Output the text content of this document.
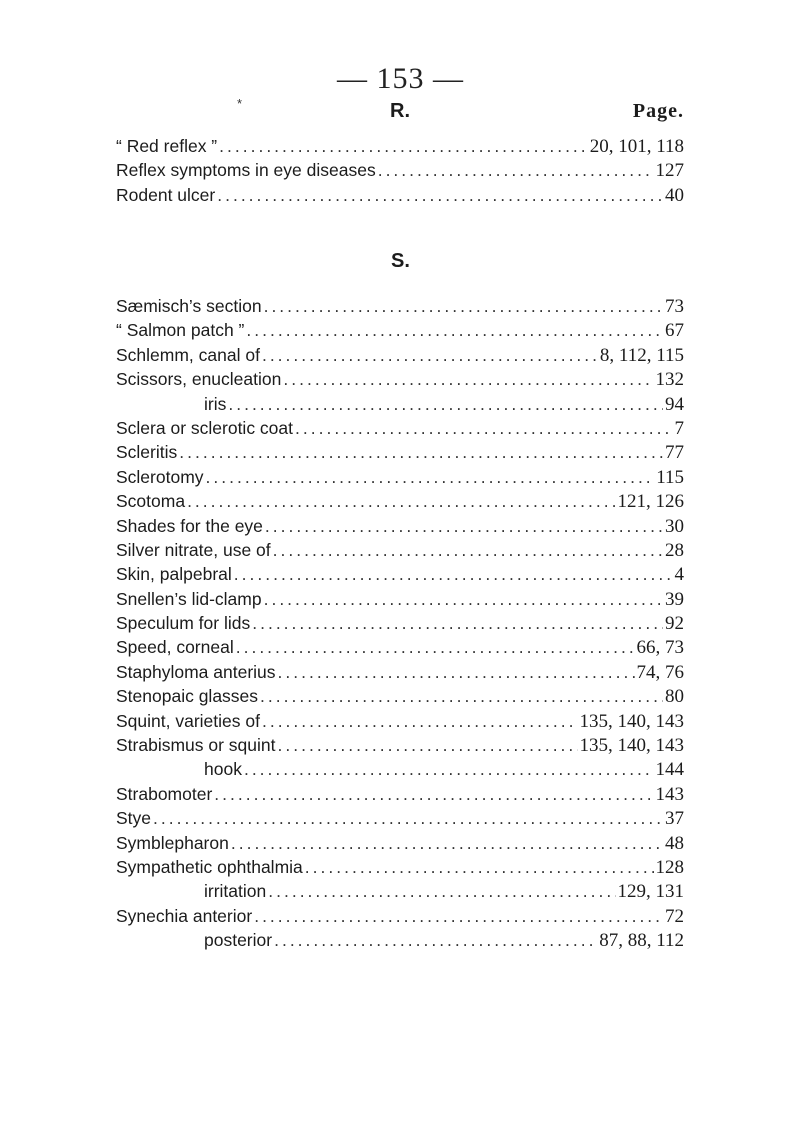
— 153 —
*	R.	Page.
“ Red reflex ” .....	20, 101, 118
Reflex symptoms in eye diseases .....	127
Rodent ulcer .....	40
S.
Sæmisch’s section .....	73
“ Salmon patch ” .....	67
Schlemm, canal of .....	8, 112, 115
Scissors, enucleation .....	132
iris .....	94
Sclera or sclerotic coat .....	7
Scleritis .....	77
Sclerotomy .....	115
Scotoma .....	121, 126
Shades for the eye .....	30
Silver nitrate, use of .....	28
Skin, palpebral .....	4
Snellen’s lid-clamp .....	39
Speculum for lids .....	92
Speed, corneal .....	66, 73
Staphyloma anterius .....	74, 76
Stenopaic glasses .....	80
Squint, varieties of .....	135, 140, 143
Strabismus or squint .....	135, 140, 143
hook .....	144
Strabomoter .....	143
Stye .....	37
Symblepharon .....	48
Sympathetic ophthalmia .....	128
irritation .....	129, 131
Synechia anterior .....	72
posterior .....	87, 88, 112
